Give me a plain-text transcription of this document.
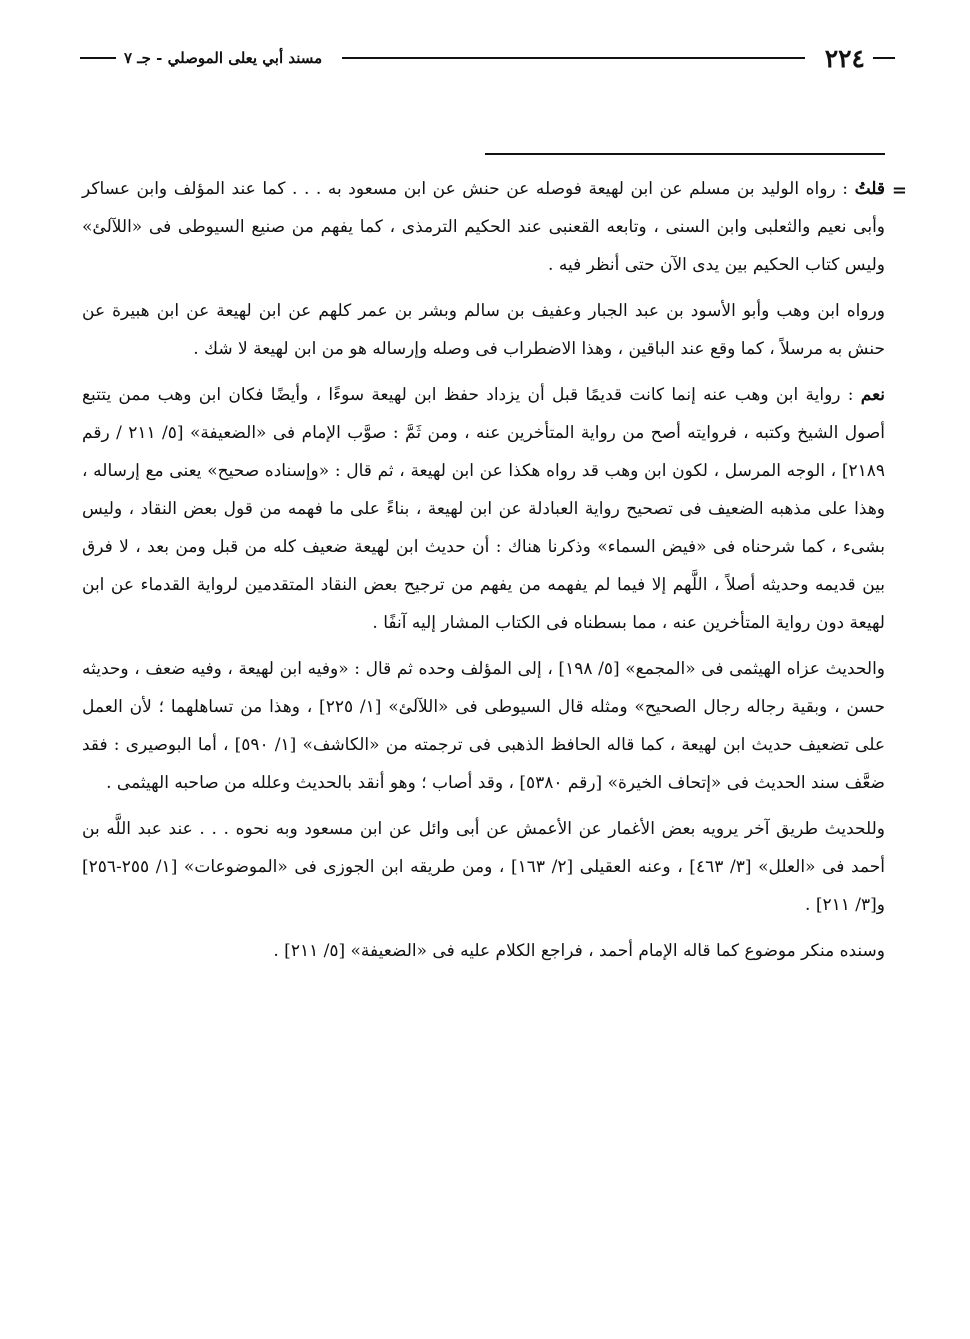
٢٢٤
مسند أبي يعلى الموصلي - جـ ٧

=
قلتُ : رواه الوليد بن مسلم عن ابن لهيعة فوصله عن حنش عن ابن مسعود به . . . كما عند المؤلف وابن عساكر وأبى نعيم والثعلبى وابن السنى ، وتابعه القعنبى عند الحكيم الترمذى ، كما يفهم من صنيع السيوطى فى «اللآلئ» وليس كتاب الحكيم بين يدى الآن حتى أنظر فيه .

ورواه ابن وهب وأبو الأسود بن عبد الجبار وعفيف بن سالم وبشر بن عمر كلهم عن ابن لهيعة عن ابن هبيرة عن حنش به مرسلاً ، كما وقع عند الباقين ، وهذا الاضطراب فى وصله وإرساله هو من ابن لهيعة لا شك .

نعم : رواية ابن وهب عنه إنما كانت قديمًا قبل أن يزداد حفظ ابن لهيعة سوءًا ، وأيضًا فكان ابن وهب ممن يتتبع أصول الشيخ وكتبه ، فروايته أصح من رواية المتأخرين عنه ، ومن ثَمَّ : صوَّب الإمام فى «الضعيفة» [٥/ ٢١١ / رقم ٢١٨٩] ، الوجه المرسل ، لكون ابن وهب قد رواه هكذا عن ابن لهيعة ، ثم قال : «وإسناده صحيح» يعنى مع إرساله ، وهذا على مذهبه الضعيف فى تصحيح رواية العبادلة عن ابن لهيعة ، بناءً على ما فهمه من قول بعض النقاد ، وليس بشىء ، كما شرحناه فى «فيض السماء» وذكرنا هناك : أن حديث ابن لهيعة ضعيف كله من قبل ومن بعد ، لا فرق بين قديمه وحديثه أصلاً ، اللَّهم إلا فيما لم يفهمه من يفهم من ترجيح بعض النقاد المتقدمين لرواية القدماء عن ابن لهيعة دون رواية المتأخرين عنه ، مما بسطناه فى الكتاب المشار إليه آنفًا .

والحديث عزاه الهيثمى فى «المجمع» [٥/ ١٩٨] ، إلى المؤلف وحده ثم قال : «وفيه ابن لهيعة ، وفيه ضعف ، وحديثه حسن ، وبقية رجاله رجال الصحيح» ومثله قال السيوطى فى «اللآلئ» [١/ ٢٢٥] ، وهذا من تساهلهما ؛ لأن العمل على تضعيف حديث ابن لهيعة ، كما قاله الحافظ الذهبى فى ترجمته من «الكاشف» [١/ ٥٩٠] ، أما البوصيرى : فقد ضعَّف سند الحديث فى «إتحاف الخيرة» [رقم ٥٣٨٠] ، وقد أصاب ؛ وهو أنقد بالحديث وعلله من صاحبه الهيثمى .

وللحديث طريق آخر يرويه بعض الأغمار عن الأعمش عن أبى وائل عن ابن مسعود وبه نحوه . . . عند عبد اللَّه بن أحمد فى «العلل» [٣/ ٤٦٣] ، وعنه العقيلى [٢/ ١٦٣] ، ومن طريقه ابن الجوزى فى «الموضوعات» [١/ ٢٥٥-٢٥٦] و[٣/ ٢١١] .

وسنده منكر موضوع كما قاله الإمام أحمد ، فراجع الكلام عليه فى «الضعيفة» [٥/ ٢١١] .
